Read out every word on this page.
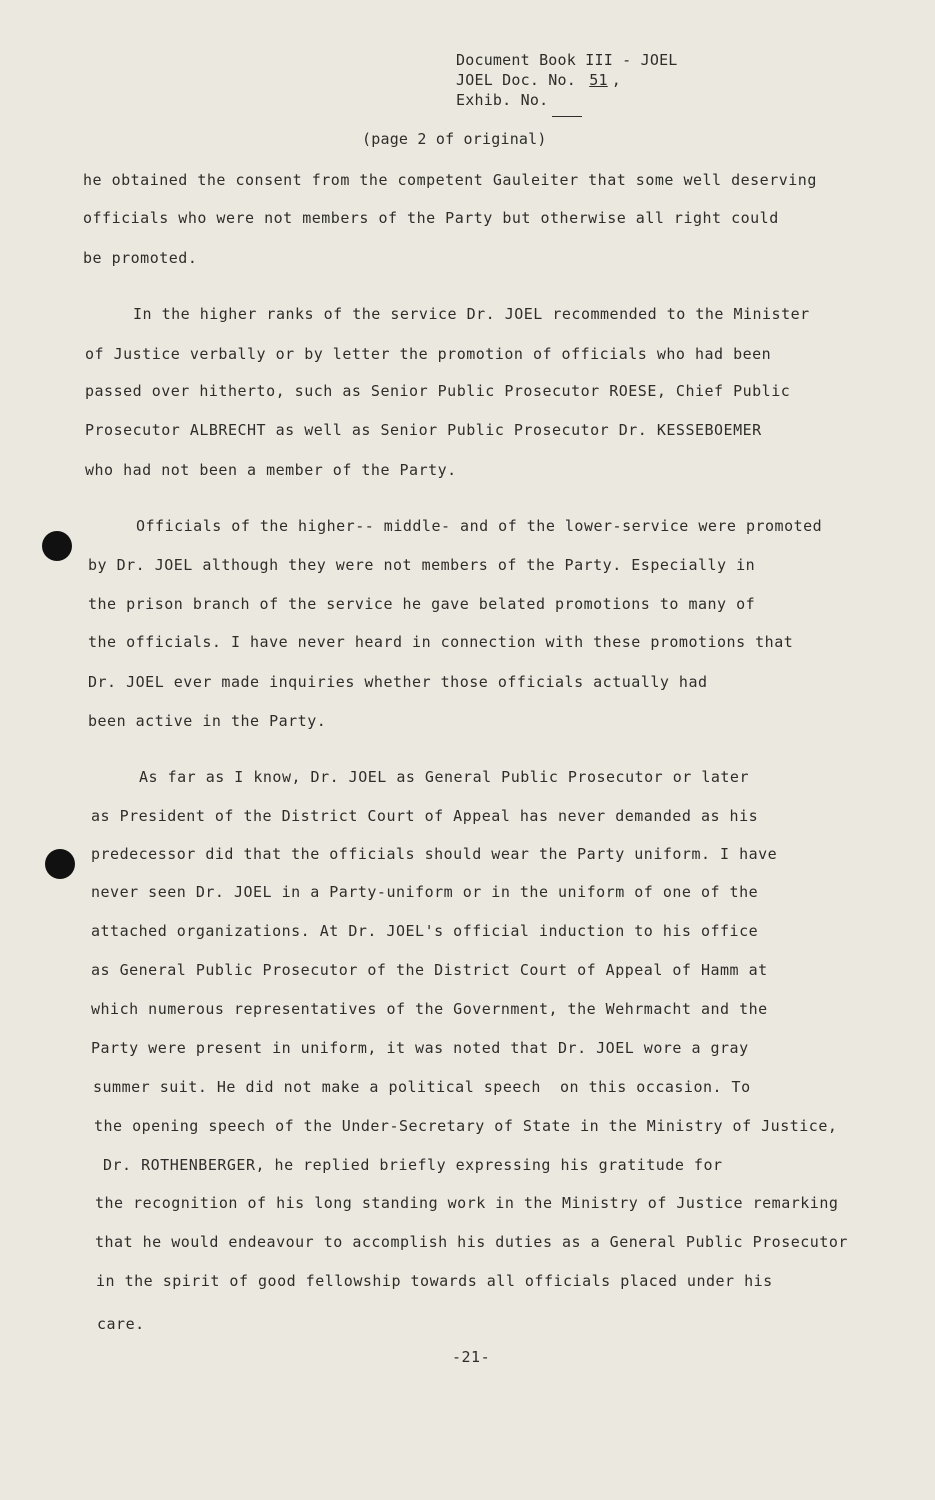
Document Book III - JOEL
JOEL Doc. No. 51 ,
Exhib. No.
(page 2 of original)
he obtained the consent from the competent Gauleiter that some well deserving
officials who were not members of the Party but otherwise all right could
be promoted.
In the higher ranks of the service Dr. JOEL recommended to the Minister
of Justice verbally or by letter the promotion of officials who had been
passed over hitherto, such as Senior Public Prosecutor ROESE, Chief Public
Prosecutor ALBRECHT as well as Senior Public Prosecutor Dr. KESSEBOEMER
who had not been a member of the Party.
Officials of the higher-- middle- and of the lower-service were promoted
by Dr. JOEL although they were not members of the Party. Especially in
the prison branch of the service he gave belated promotions to many of
the officials. I have never heard in connection with these promotions that
Dr. JOEL ever made inquiries whether those officials actually had
been active in the Party.
As far as I know, Dr. JOEL as General Public Prosecutor or later
as President of the District Court of Appeal has never demanded as his
predecessor did that the officials should wear the Party uniform. I have
never seen Dr. JOEL in a Party-uniform or in the uniform of one of the
attached organizations. At Dr. JOEL's official induction to his office
as General Public Prosecutor of the District Court of Appeal of Hamm at
which numerous representatives of the Government, the Wehrmacht and the
Party were present in uniform, it was noted that Dr. JOEL wore a gray
summer suit. He did not make a political speech  on this occasion. To
the opening speech of the Under-Secretary of State in the Ministry of Justice,
Dr. ROTHENBERGER, he replied briefly expressing his gratitude for
the recognition of his long standing work in the Ministry of Justice remarking
that he would endeavour to accomplish his duties as a General Public Prosecutor
in the spirit of good fellowship towards all officials placed under his
care.
-21-
